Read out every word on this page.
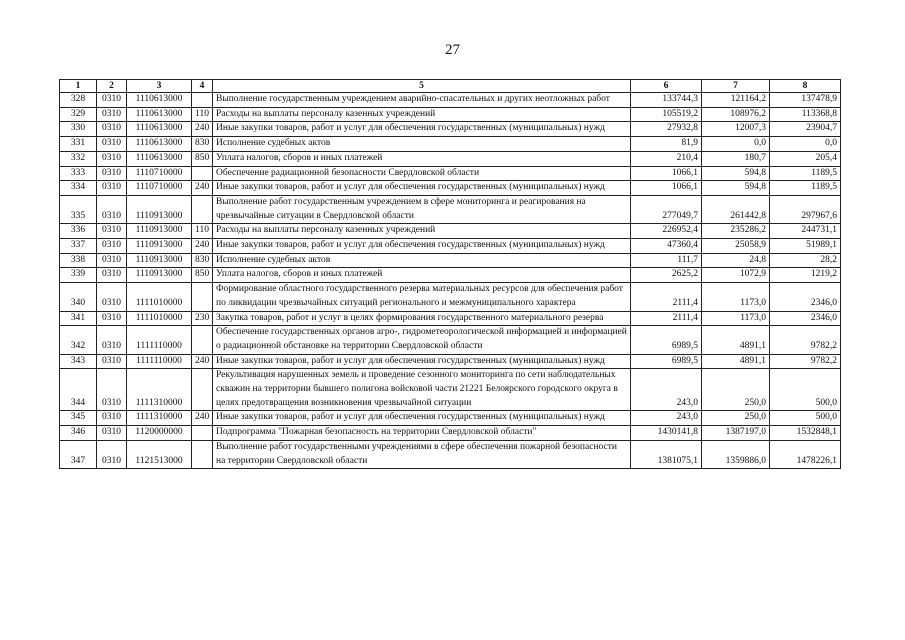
27
1	2	3	4	5	6	7	8
328	0310	1110613000		Выполнение государственным учреждением аварийно-спасательных и других неотложных работ	133744,3	121164,2	137478,9
329	0310	1110613000	110	Расходы на выплаты персоналу казенных учреждений	105519,2	108976,2	113368,8
330	0310	1110613000	240	Иные закупки товаров, работ и услуг для обеспечения государственных (муниципальных) нужд	27932,8	12007,3	23904,7
331	0310	1110613000	830	Исполнение судебных актов	81,9	0,0	0,0
332	0310	1110613000	850	Уплата налогов, сборов и иных платежей	210,4	180,7	205,4
333	0310	1110710000		Обеспечение радиационной безопасности Свердловской области	1066,1	594,8	1189,5
334	0310	1110710000	240	Иные закупки товаров, работ и услуг для обеспечения государственных (муниципальных) нужд	1066,1	594,8	1189,5
335	0310	1110913000		Выполнение работ государственным учреждением в сфере мониторинга и реагирования на чрезвычайные ситуации в Свердловской области	277049,7	261442,8	297967,6
336	0310	1110913000	110	Расходы на выплаты персоналу казенных учреждений	226952,4	235286,2	244731,1
337	0310	1110913000	240	Иные закупки товаров, работ и услуг для обеспечения государственных (муниципальных) нужд	47360,4	25058,9	51989,1
338	0310	1110913000	830	Исполнение судебных актов	111,7	24,8	28,2
339	0310	1110913000	850	Уплата налогов, сборов и иных платежей	2625,2	1072,9	1219,2
340	0310	1111010000		Формирование областного государственного резерва материальных ресурсов для обеспечения работ по ликвидации чрезвычайных ситуаций регионального и межмуниципального характера	2111,4	1173,0	2346,0
341	0310	1111010000	230	Закупка товаров, работ и услуг в целях формирования государственного материального резерва	2111,4	1173,0	2346,0
342	0310	1111110000		Обеспечение государственных органов агро-, гидрометеорологической информацией и информацией о радиационной обстановке на территории Свердловской области	6989,5	4891,1	9782,2
343	0310	1111110000	240	Иные закупки товаров, работ и услуг для обеспечения государственных (муниципальных) нужд	6989,5	4891,1	9782,2
344	0310	1111310000		Рекультивация нарушенных земель и проведение сезонного мониторинга по сети наблюдательных скважин на территории бывшего полигона войсковой части 21221 Белоярского городского округа в целях предотвращения возникновения чрезвычайной ситуации	243,0	250,0	500,0
345	0310	1111310000	240	Иные закупки товаров, работ и услуг для обеспечения государственных (муниципальных) нужд	243,0	250,0	500,0
346	0310	1120000000		Подпрограмма "Пожарная безопасность на территории Свердловской области"	1430141,8	1387197,0	1532848,1
347	0310	1121513000		Выполнение работ государственными учреждениями в сфере обеспечения пожарной безопасности на территории Свердловской области	1381075,1	1359886,0	1478226,1
